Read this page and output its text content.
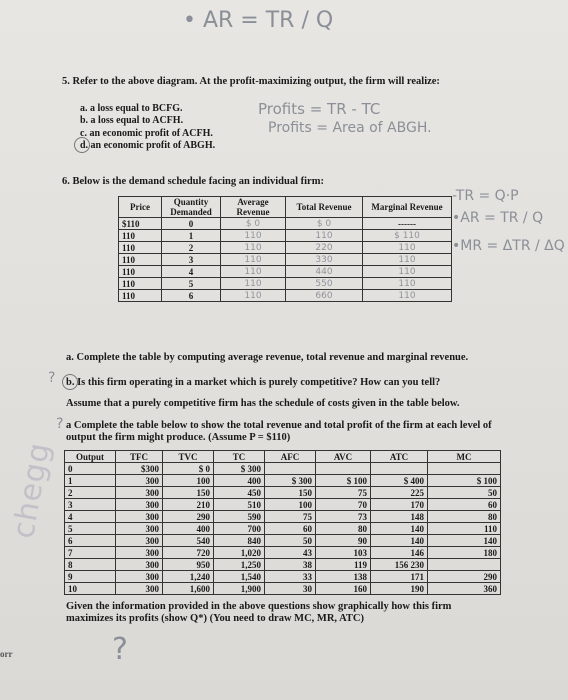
• AR = TR / Q
5. Refer to the above diagram. At the profit-maximizing output, the firm will realize:
a. a loss equal to BCFG.
b. a loss equal to ACFH.
c. an economic profit of ACFH.
d. an economic profit of ABGH.
Profits = TR - TC
Profits = Area of ABGH.
6. Below is the demand schedule facing an individual firm:
Price	Quantity Demanded	Average Revenue	Total Revenue	Marginal Revenue
$110	0	$ 0	$ 0	------
110	1	110	110	$ 110
110	2	110	220	110
110	3	110	330	110
110	4	110	440	110
110	5	110	550	110
110	6	110	660	110
-TR = Q·P
•AR = TR / Q
•MR = ΔTR / ΔQ
a. Complete the table by computing average revenue, total revenue and marginal revenue.
b. Is this firm operating in a market which is purely competitive? How can you tell?
Assume that a purely competitive firm has the schedule of costs given in the table below.
a Complete the table below to show the total revenue and total profit of the firm at each level of
output the firm might produce. (Assume P = $110)
?
?
Output	TFC	TVC	TC	AFC	AVC	ATC	MC
0	$300	$ 0	$ 300				
1	300	100	400	$ 300	$ 100	$ 400	$ 100
2	300	150	450	150	75	225	50
3	300	210	510	100	70	170	60
4	300	290	590	75	73	148	80
5	300	400	700	60	80	140	110
6	300	540	840	50	90	140	140
7	300	720	1,020	43	103	146	180
8	300	950	1,250	38	119	156 230	
9	300	1,240	1,540	33	138	171	290
10	300	1,600	1,900	30	160	190	360
Given the information provided in the above questions show graphically how this firm
maximizes its profits (show Q*) (You need to draw MC, MR, ATC)
?
chegg
orr
